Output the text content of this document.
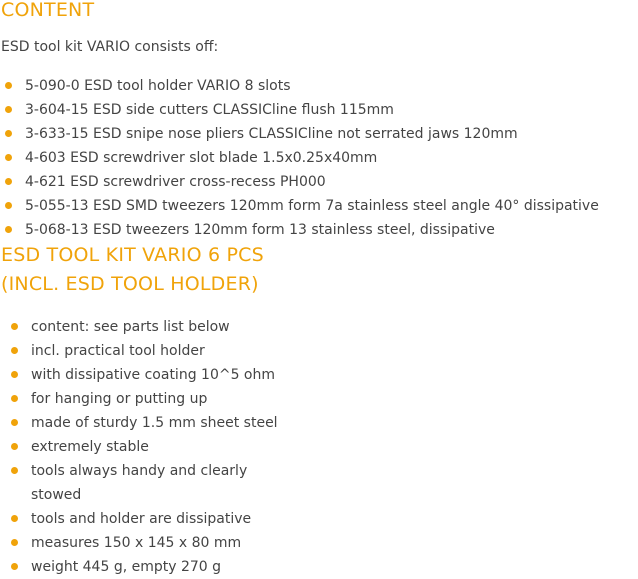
CONTENT

ESD tool kit VARIO consists off:

5-090-0 ESD tool holder VARIO 8 slots
3-604-15 ESD side cutters CLASSICline flush 115mm
3-633-15 ESD snipe nose pliers CLASSICline not serrated jaws 120mm
4-603 ESD screwdriver slot blade 1.5x0.25x40mm
4-621 ESD screwdriver cross-recess PH000
5-055-13 ESD SMD tweezers 120mm form 7a stainless steel angle 40° dissipative
5-068-13 ESD tweezers 120mm form 13 stainless steel, dissipative
ESD TOOL KIT VARIO 6 PCS
(INCL. ESD TOOL HOLDER)
content: see parts list below
incl. practical tool holder
with dissipative coating 10^5 ohm
for hanging or putting up
made of sturdy 1.5 mm sheet steel
extremely stable
tools always handy and clearly
stowed
tools and holder are dissipative
measures 150 x 145 x 80 mm
weight 445 g, empty 270 g
